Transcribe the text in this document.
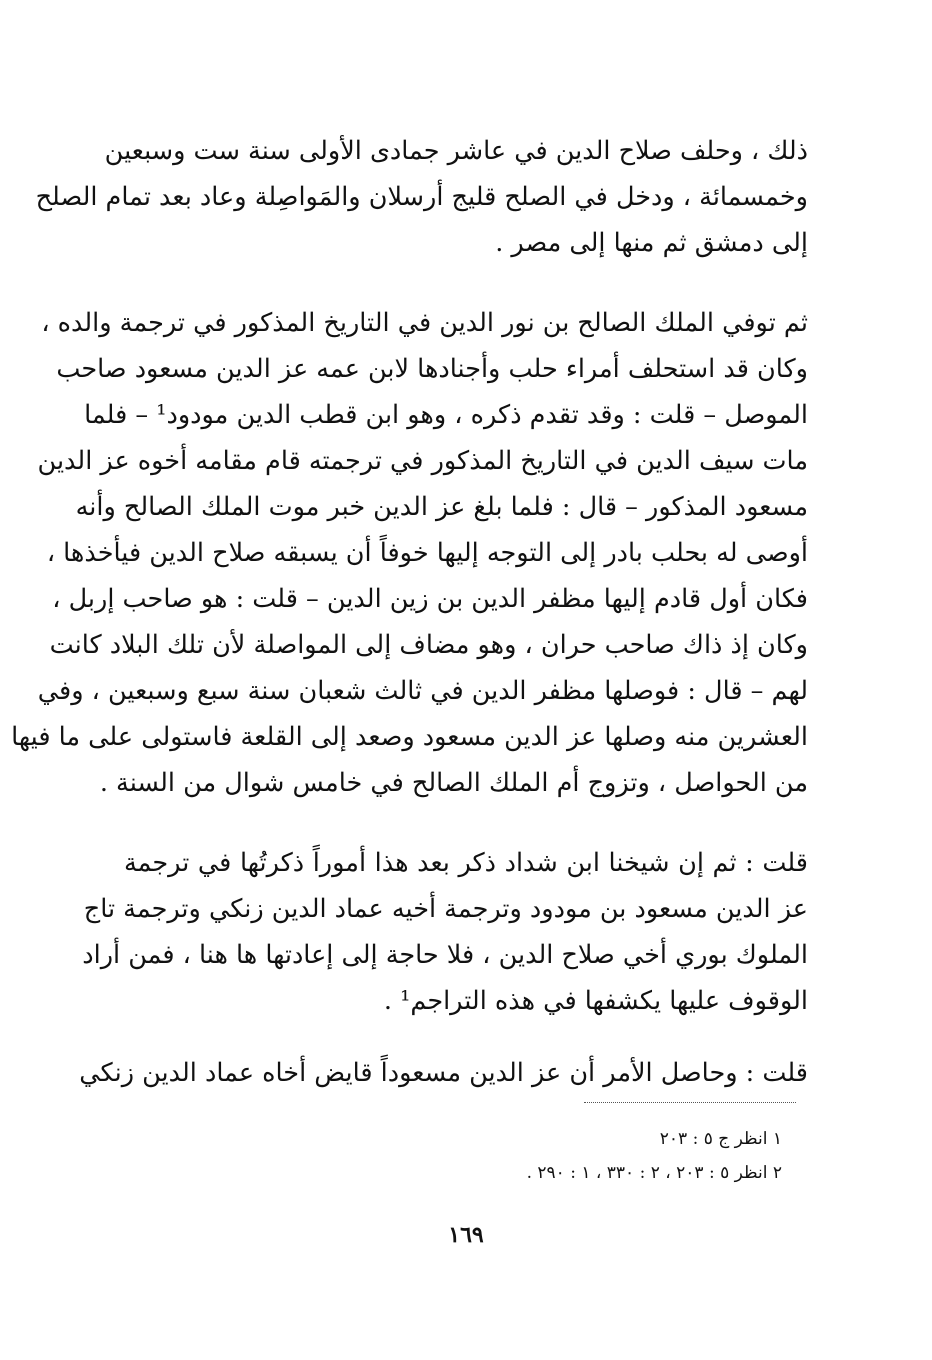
ذلك ، وحلف صلاح الدين في عاشر جمادى الأولى سنة ست وسبعين
وخمسمائة ، ودخل في الصلح قليج أرسلان والمَواصِلة وعاد بعد تمام الصلح
إلى دمشق ثم منها إلى مصر .
ثم توفي الملك الصالح بن نور الدين في التاريخ المذكور في ترجمة والده ،
وكان قد استحلف أمراء حلب وأجنادها لابن عمه عز الدين مسعود صاحب
الموصل – قلت : وقد تقدم ذكره ، وهو ابن قطب الدين مودود¹ – فلما
مات سيف الدين في التاريخ المذكور في ترجمته قام مقامه أخوه عز الدين
مسعود المذكور – قال : فلما بلغ عز الدين خبر موت الملك الصالح وأنه
أوصى له بحلب بادر إلى التوجه إليها خوفاً أن يسبقه صلاح الدين فيأخذها ،
فكان أول قادم إليها مظفر الدين بن زين الدين – قلت : هو صاحب إربل ،
وكان إذ ذاك صاحب حران ، وهو مضاف إلى المواصلة لأن تلك البلاد كانت
لهم – قال : فوصلها مظفر الدين في ثالث شعبان سنة سبع وسبعين ، وفي
العشرين منه وصلها عز الدين مسعود وصعد إلى القلعة فاستولى على ما فيها
من الحواصل ، وتزوج أم الملك الصالح في خامس شوال من السنة .
قلت : ثم إن شيخنا ابن شداد ذكر بعد هذا أموراً ذكرتُها في ترجمة
عز الدين مسعود بن مودود وترجمة أخيه عماد الدين زنكي وترجمة تاج
الملوك بوري أخي صلاح الدين ، فلا حاجة إلى إعادتها ها هنا ، فمن أراد
الوقوف عليها يكشفها في هذه التراجم¹ .
قلت : وحاصل الأمر أن عز الدين مسعوداً قايض أخاه عماد الدين زنكي
١ انظر ج ٥ : ٢٠٣
٢ انظر ٥ : ٢٠٣ ، ٢ : ٣٣٠ ، ١ : ٢٩٠ .
١٦٩
